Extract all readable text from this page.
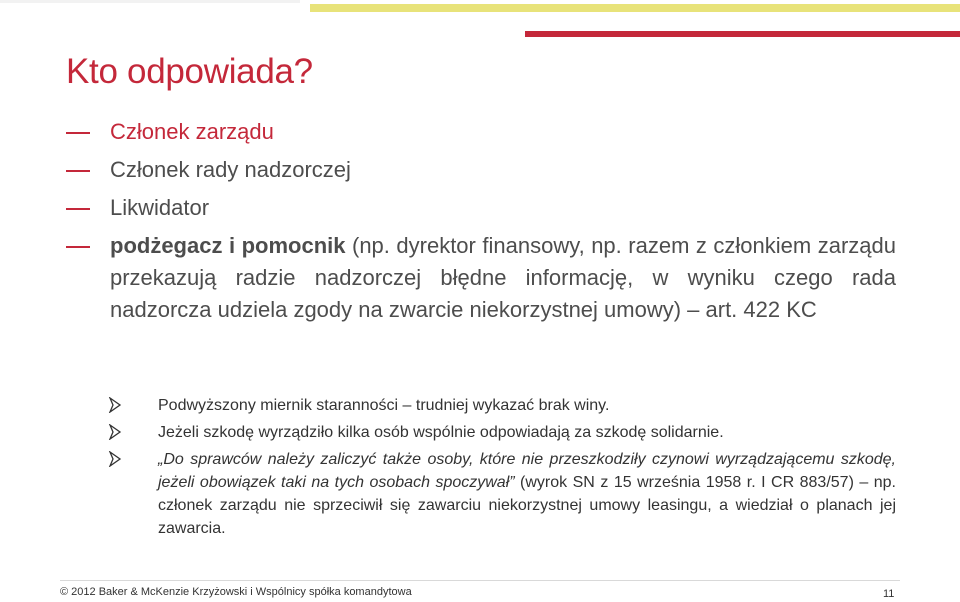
Kto odpowiada?
Członek zarządu
Członek rady nadzorczej
Likwidator
podżegacz i pomocnik (np. dyrektor finansowy, np. razem z członkiem zarządu przekazują radzie nadzorczej błędne informację, w wyniku czego rada nadzorcza udziela zgody na zwarcie niekorzystnej umowy) – art. 422 KC
Podwyższony miernik staranności – trudniej wykazać brak winy.
Jeżeli szkodę wyrządziło kilka osób wspólnie odpowiadają za szkodę solidarnie.
„Do sprawców należy zaliczyć także osoby, które nie przeszkodziły czynowi wyrządzającemu szkodę, jeżeli obowiązek taki na tych osobach spoczywał” (wyrok SN z 15 września 1958 r. I CR 883/57) – np. członek zarządu nie sprzeciwił się zawarciu niekorzystnej umowy leasingu, a wiedział o planach jej zawarcia.
© 2012 Baker & McKenzie Krzyżowski i Wspólnicy spółka komandytowa	11
